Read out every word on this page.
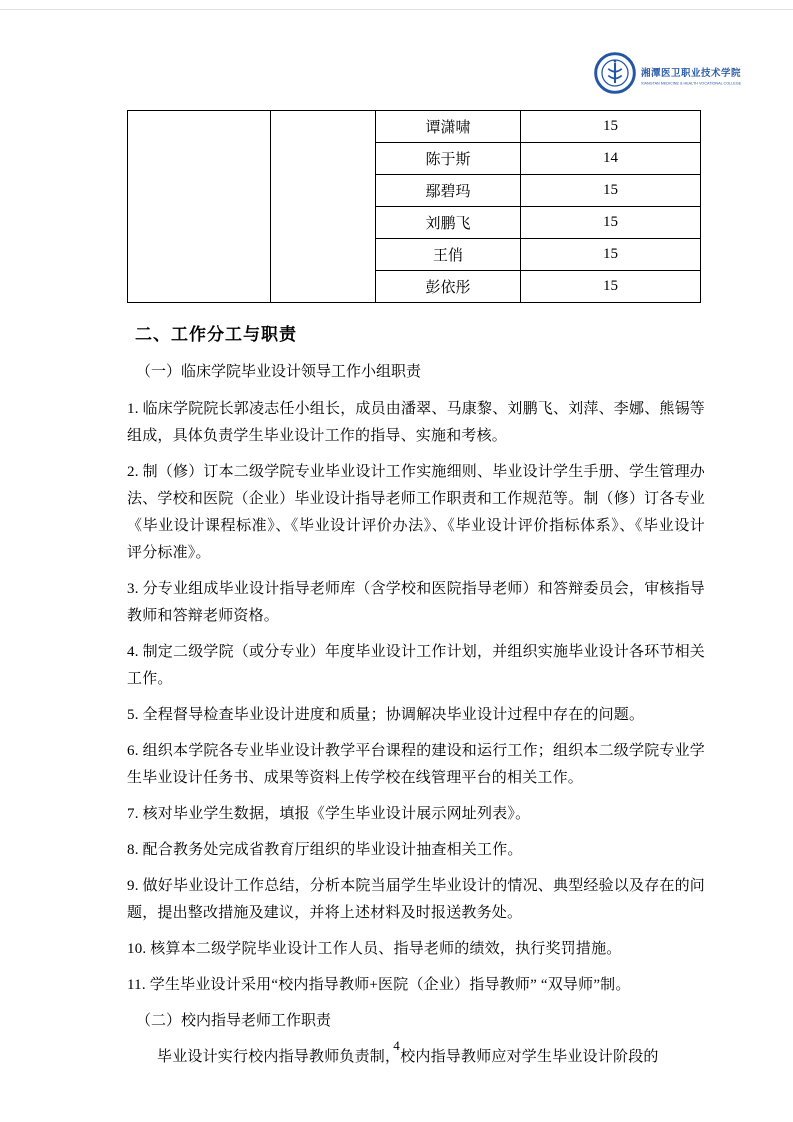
湘潭医卫职业技术学院
XIANGTAN MEDICINE & HEALTH VOCATIONAL COLLEGE
		谭潇啸	15
		陈于斯	14
		鄢碧玛	15
		刘鹏飞	15
		王俏	15
		彭依彤	15
二、工作分工与职责
（一）临床学院毕业设计领导工作小组职责

1. 临床学院院长郭凌志任小组长，成员由潘翠、马康黎、刘鹏飞、刘萍、李娜、熊锡等组成，具体负责学生毕业设计工作的指导、实施和考核。

2. 制（修）订本二级学院专业毕业设计工作实施细则、毕业设计学生手册、学生管理办法、学校和医院（企业）毕业设计指导老师工作职责和工作规范等。制（修）订各专业《毕业设计课程标准》、《毕业设计评价办法》、《毕业设计评价指标体系》、《毕业设计评分标准》。

3. 分专业组成毕业设计指导老师库（含学校和医院指导老师）和答辩委员会，审核指导教师和答辩老师资格。

4. 制定二级学院（或分专业）年度毕业设计工作计划，并组织实施毕业设计各环节相关工作。

5. 全程督导检查毕业设计进度和质量；协调解决毕业设计过程中存在的问题。

6. 组织本学院各专业毕业设计教学平台课程的建设和运行工作；组织本二级学院专业学生毕业设计任务书、成果等资料上传学校在线管理平台的相关工作。

7. 核对毕业学生数据，填报《学生毕业设计展示网址列表》。

8. 配合教务处完成省教育厅组织的毕业设计抽查相关工作。

9. 做好毕业设计工作总结，分析本院当届学生毕业设计的情况、典型经验以及存在的问题，提出整改措施及建议，并将上述材料及时报送教务处。

10. 核算本二级学院毕业设计工作人员、指导老师的绩效，执行奖罚措施。

11. 学生毕业设计采用“校内指导教师+医院（企业）指导教师” “双导师”制。

（二）校内指导老师工作职责

毕业设计实行校内指导教师负责制，校内指导教师应对学生毕业设计阶段的

4
